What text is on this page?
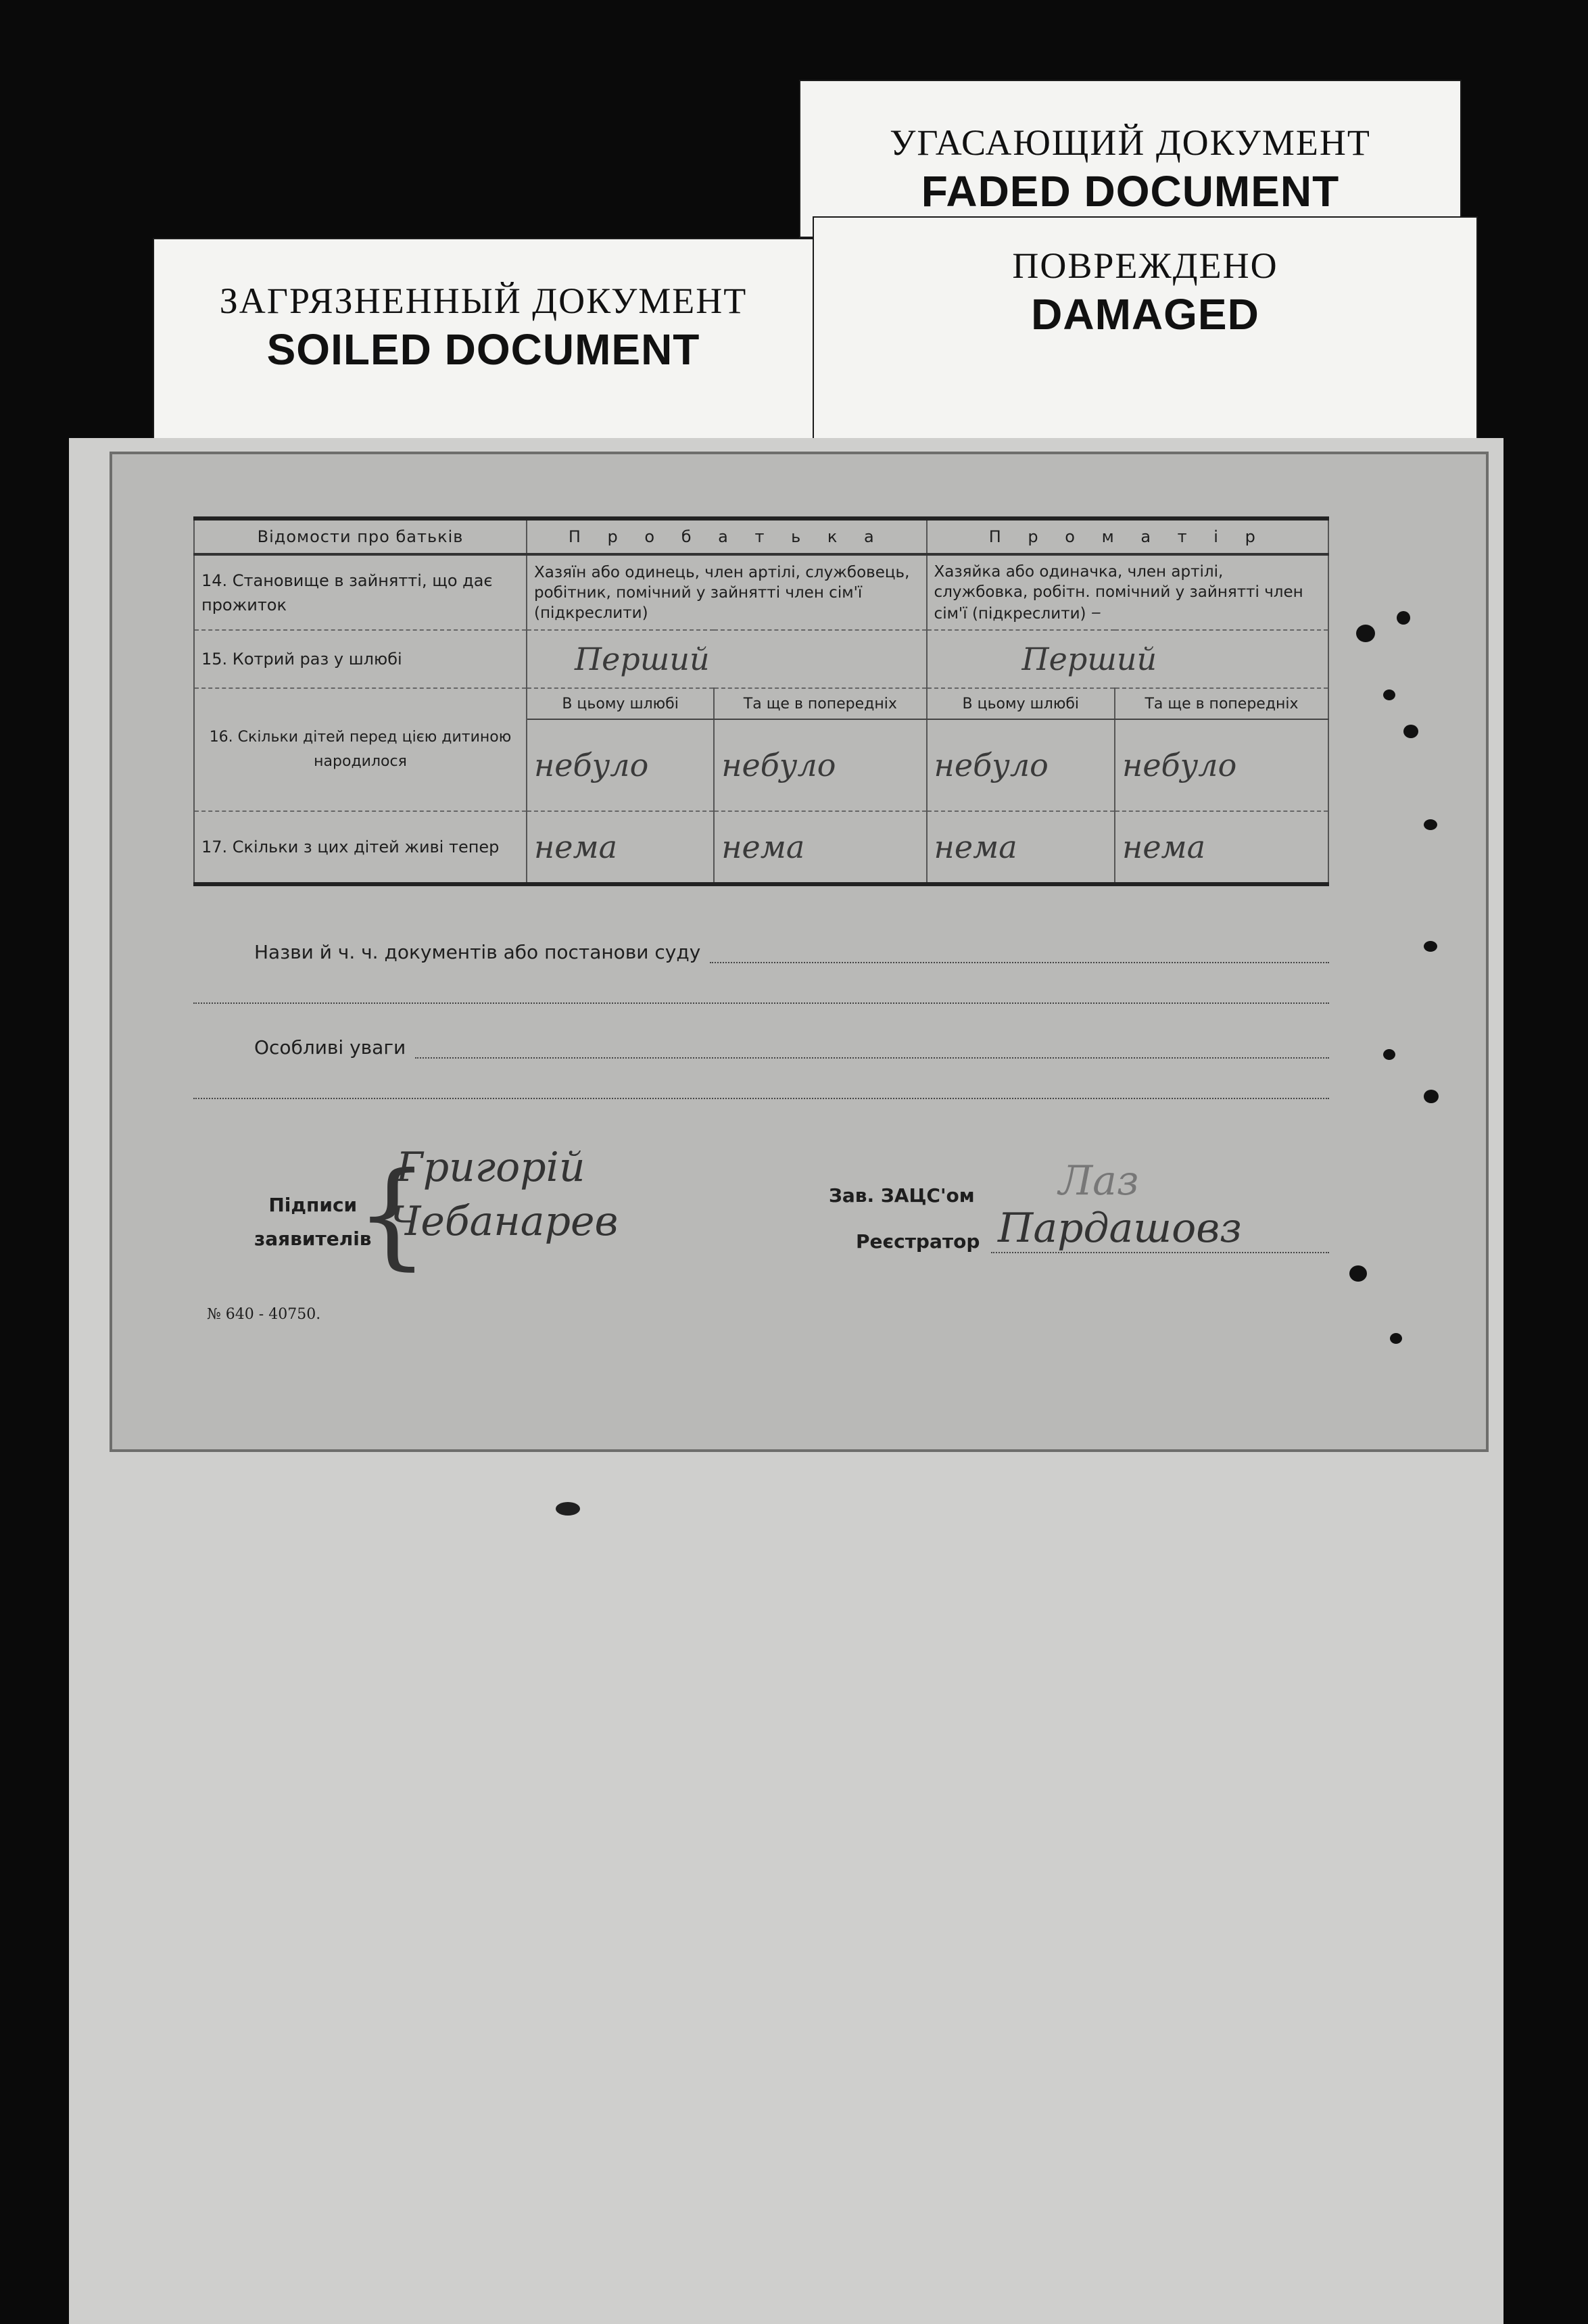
УГАСАЮЩИЙ ДОКУМЕНТ
FADED DOCUMENT
ПОВРЕЖДЕНО
DAMAGED
ЗАГРЯЗНЕННЫЙ ДОКУМЕНТ
SOILED DOCUMENT
Відомости про батьків	П р о б а т ь к а		П р о м а т і р	
14. Становище в зайнятті, що дає прожиток	Хазяїн або одинець, член артілі, службовець, робітник, помічний у зайнятті член сім'ї (підкреслити)		Хазяйка або одиначка, член артілі, службовка, робітн. помічний у зайнятті член сім'ї (підкреслити) –	
15. Котрий раз у шлюбі	Перший		Перший	
16. Скільки дітей перед цією дитиною народилося	В цьому шлюбі	Та ще в попередніх	В цьому шлюбі	Та ще в попередніх
	небуло	небуло	небуло	небуло
17. Скільки з цих дітей живі тепер	нема	нема	нема	нема
Назви й ч. ч. документів або постанови суду
Особливі уваги
Підписи
заявителів
{
Григорій
Чебанарев
Зав. ЗАЦС'ом Лаз
Реєстратор Пардашовз
№ 640 - 40750.
